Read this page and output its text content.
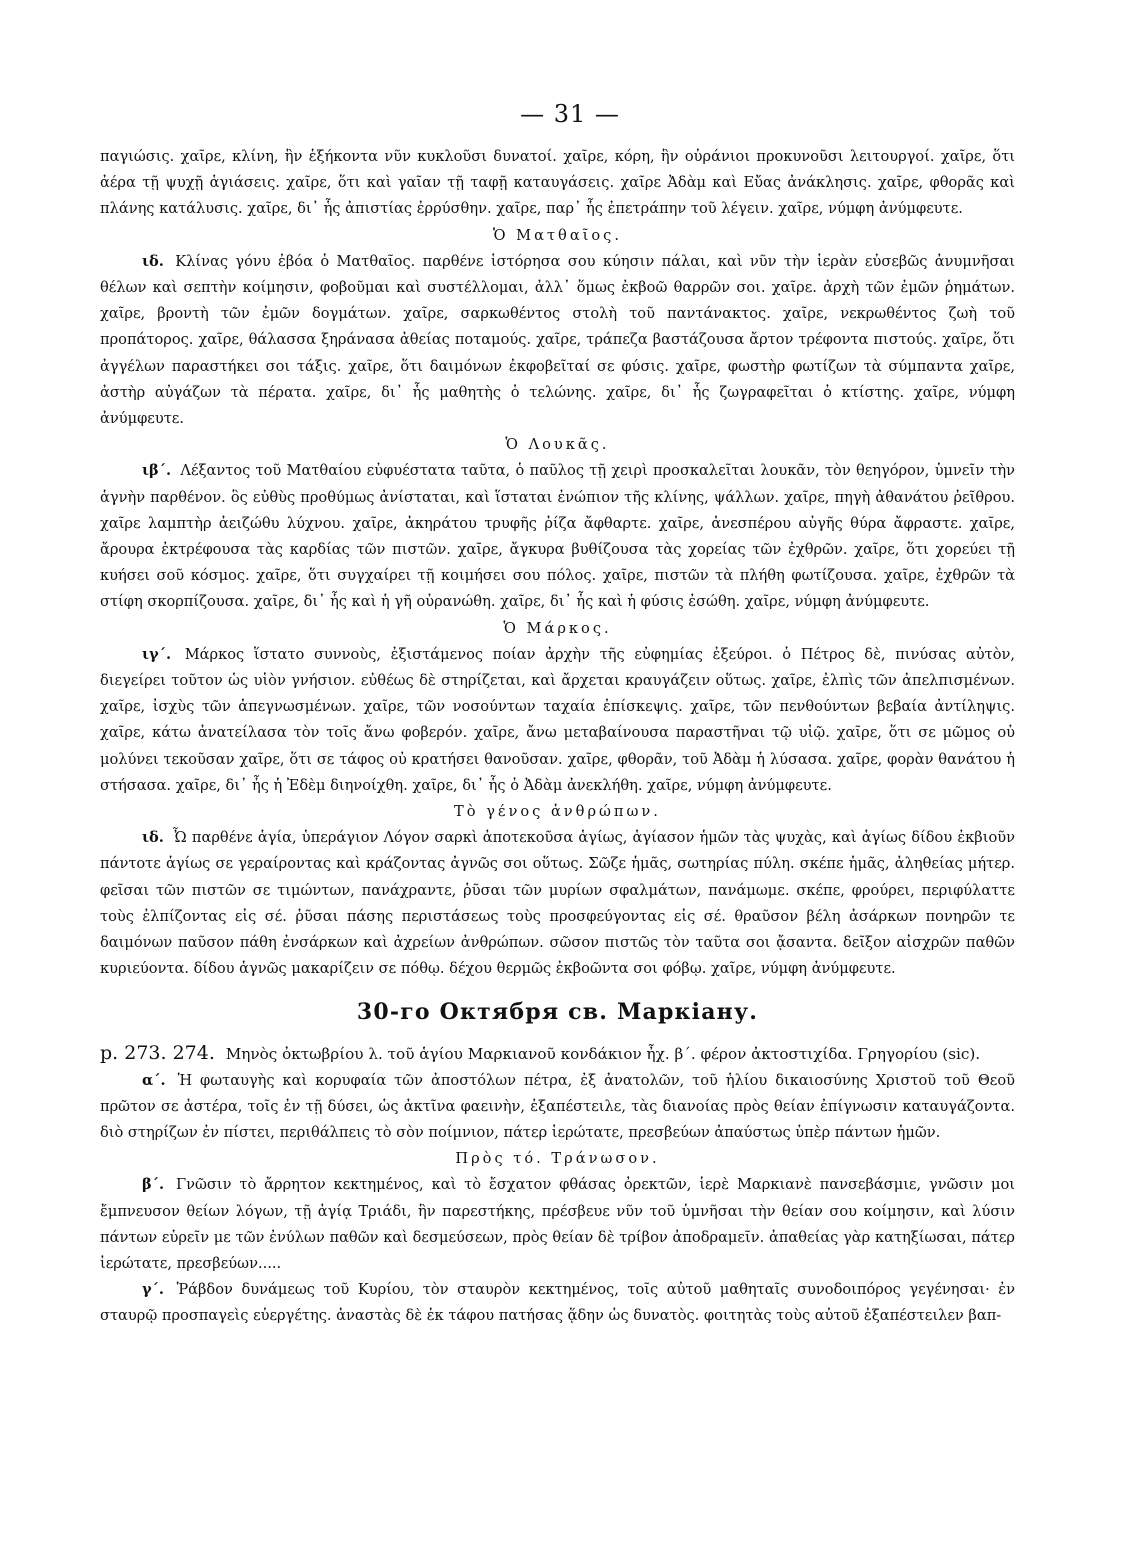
— 31 —

παγιώσις. χαῖρε, κλίνη, ἣν ἑξήκοντα νῦν κυκλοῦσι δυνατοί. χαῖρε, κόρη, ἣν οὐράνιοι προκυνοῦσι λειτουργοί. χαῖρε, ὅτι ἀέρα τῇ ψυχῇ ἁγιάσεις. χαῖρε, ὅτι καὶ γαῖαν τῇ ταφῇ καταυγάσεις. χαῖρε Ἀδὰμ καὶ Εὔας ἀνάκλησις. χαῖρε, φθορᾶς καὶ πλάνης κατάλυσις. χαῖρε, δι᾽ ἧς ἀπιστίας ἐρρύσθην. χαῖρε, παρ᾽ ἧς ἐπετράπην τοῦ λέγειν. χαῖρε, νύμφη ἀνύμφευτε.

Ὁ Ματθαῖος.

ιδ. Κλίνας γόνυ ἐβόα ὁ Ματθαῖος. παρθένε ἱστόρησα σου κύησιν πάλαι, καὶ νῦν τὴν ἱερὰν εὐσεβῶς ἀνυμνῆσαι θέλων καὶ σεπτὴν κοίμησιν, φοβοῦμαι καὶ συστέλλομαι, ἀλλ᾽ ὅμως ἐκβοῶ θαρρῶν σοι. χαῖρε. ἀρχὴ τῶν ἐμῶν ῥημάτων. χαῖρε, βροντὴ τῶν ἐμῶν δογμάτων. χαῖρε, σαρκωθέντος στολὴ τοῦ παντάνακτος. χαῖρε, νεκρωθέντος ζωὴ τοῦ προπάτορος. χαῖρε, θάλασσα ξηράνασα ἀθείας ποταμούς. χαῖρε, τράπεζα βαστάζουσα ἄρτον τρέφοντα πιστούς. χαῖρε, ὅτι ἀγγέλων παραστήκει σοι τάξις. χαῖρε, ὅτι δαιμόνων ἐκφοβεῖταί σε φύσις. χαῖρε, φωστὴρ φωτίζων τὰ σύμπαντα χαῖρε, ἀστὴρ αὐγάζων τὰ πέρατα. χαῖρε, δι᾽ ἧς μαθητὴς ὁ τελώνης. χαῖρε, δι᾽ ἧς ζωγραφεῖται ὁ κτίστης. χαῖρε, νύμφη ἀνύμφευτε.

Ὁ Λουκᾶς.

ιβ΄. Λέξαντος τοῦ Ματθαίου εὐφυέστατα ταῦτα, ὁ παῦλος τῇ χειρὶ προσκαλεῖται λουκᾶν, τὸν θεηγόρον, ὑμνεῖν τὴν ἁγνὴν παρθένον. ὃς εὐθὺς προθύμως ἀνίσταται, καὶ ἵσταται ἐνώπιον τῆς κλίνης, ψάλλων. χαῖρε, πηγὴ ἀθανάτου ῥεῖθρου. χαῖρε λαμπτὴρ ἀειζώθυ λύχνου. χαῖρε, ἀκηράτου τρυφῆς ῥίζα ἄφθαρτε. χαῖρε, ἀνεσπέρου αὐγῆς θύρα ἄφραστε. χαῖρε, ἄρουρα ἐκτρέφουσα τὰς καρδίας τῶν πιστῶν. χαῖρε, ἄγκυρα βυθίζουσα τὰς χορείας τῶν ἐχθρῶν. χαῖρε, ὅτι χορεύει τῇ κυήσει σοῦ κόσμος. χαῖρε, ὅτι συγχαίρει τῇ κοιμήσει σου πόλος. χαῖρε, πιστῶν τὰ πλήθη φωτίζουσα. χαῖρε, ἐχθρῶν τὰ στίφη σκορπίζουσα. χαῖρε, δι᾽ ἧς καὶ ἡ γῆ οὐρανώθη. χαῖρε, δι᾽ ἧς καὶ ἡ φύσις ἐσώθη. χαῖρε, νύμφη ἀνύμφευτε.

Ὁ Μάρκος.

ιγ΄. Μάρκος ἵστατο συννοὺς, ἐξιστάμενος ποίαν ἀρχὴν τῆς εὐφημίας ἐξεύροι. ὁ Πέτρος δὲ, πινύσας αὐτὸν, διεγείρει τοῦτον ὡς υἱὸν γνήσιον. εὐθέως δὲ στηρίζεται, καὶ ἄρχεται κραυγάζειν οὕτως. χαῖρε, ἐλπὶς τῶν ἀπελπισμένων. χαῖρε, ἰσχὺς τῶν ἀπεγνωσμένων. χαῖρε, τῶν νοσούντων ταχαία ἐπίσκεψις. χαῖρε, τῶν πενθούντων βεβαία ἀντίληψις. χαῖρε, κάτω ἀνατείλασα τὸν τοῖς ἄνω φοβερόν. χαῖρε, ἄνω μεταβαίνουσα παραστῆναι τῷ υἱῷ. χαῖρε, ὅτι σε μῶμος οὐ μολύνει τεκοῦσαν χαῖρε, ὅτι σε τάφος οὐ κρατήσει θανοῦσαν. χαῖρε, φθορᾶν, τοῦ Ἀδὰμ ἡ λύσασα. χαῖρε, φορὰν θανάτου ἡ στήσασα. χαῖρε, δι᾽ ἧς ἡ Ἐδὲμ διηνοίχθη. χαῖρε, δι᾽ ἧς ὁ Ἀδὰμ ἀνεκλήθη. χαῖρε, νύμφη ἀνύμφευτε.

Τὸ γένος ἀνθρώπων.

ιδ. Ὦ παρθένε ἁγία, ὑπεράγιον Λόγον σαρκὶ ἀποτεκοῦσα ἁγίως, ἁγίασον ἡμῶν τὰς ψυχὰς, καὶ ἁγίως δίδου ἐκβιοῦν πάντοτε ἁγίως σε γεραίροντας καὶ κράζοντας ἀγνῶς σοι οὕτως. Σῶζε ἡμᾶς, σωτηρίας πύλη. σκέπε ἡμᾶς, ἀληθείας μήτερ. φεῖσαι τῶν πιστῶν σε τιμώντων, πανάχραντε, ῥῦσαι τῶν μυρίων σφαλμάτων, πανάμωμε. σκέπε, φρούρει, περιφύλαττε τοὺς ἐλπίζοντας εἰς σέ. ῥῦσαι πάσης περιστάσεως τοὺς προσφεύγοντας εἰς σέ. θραῦσον βέλη ἀσάρκων πονηρῶν τε δαιμόνων παῦσον πάθη ἐνσάρκων καὶ ἀχρείων ἀνθρώπων. σῶσον πιστῶς τὸν ταῦτα σοι ᾄσαντα. δεῖξον αἰσχρῶν παθῶν κυριεύοντα. δίδου ἁγνῶς μακαρίζειν σε πόθῳ. δέχου θερμῶς ἐκβοῶντα σοι φόβῳ. χαῖρε, νύμφη ἀνύμφευτε.

30-го Октября св. Маркіану.

p. 273. 274. Μηνὸς ὀκτωβρίου λ. τοῦ ἁγίου Μαρκιανοῦ κονδάκιον ἦχ. β΄. φέρον ἀκτοστιχίδα. Γρηγορίου (sic).

α΄. Ἡ φωταυγὴς καὶ κορυφαία τῶν ἀποστόλων πέτρα, ἐξ ἀνατολῶν, τοῦ ἡλίου δικαιοσύνης Χριστοῦ τοῦ Θεοῦ πρῶτον σε ἀστέρα, τοῖς ἐν τῇ δύσει, ὡς ἀκτῖνα φαεινὴν, ἐξαπέστειλε, τὰς διανοίας πρὸς θείαν ἐπίγνωσιν καταυγάζοντα. διὸ στηρίζων ἐν πίστει, περιθάλπεις τὸ σὸν ποίμνιον, πάτερ ἱερώτατε, πρεσβεύων ἀπαύστως ὑπὲρ πάντων ἡμῶν.

Πρὸς τό. Τράνωσον.

β΄. Γνῶσιν τὸ ἄρρητον κεκτημένος, καὶ τὸ ἔσχατον φθάσας ὀρεκτῶν, ἱερὲ Μαρκιανὲ πανσεβάσμιε, γνῶσιν μοι ἔμπνευσον θείων λόγων, τῇ ἁγίᾳ Τριάδι, ἣν παρεστήκης, πρέσβευε νῦν τοῦ ὑμνῆσαι τὴν θείαν σου κοίμησιν, καὶ λύσιν πάντων εὑρεῖν με τῶν ἐνύλων παθῶν καὶ δεσμεύσεων, πρὸς θείαν δὲ τρίβον ἀποδραμεῖν. ἀπαθείας γὰρ κατηξίωσαι, πάτερ ἱερώτατε, πρεσβεύων.....

γ΄. Ῥάβδον δυνάμεως τοῦ Κυρίου, τὸν σταυρὸν κεκτημένος, τοῖς αὐτοῦ μαθηταῖς συνοδοιπόρος γεγένησαι· ἐν σταυρῷ προσπαγεὶς εὐεργέτης. ἀναστὰς δὲ ἐκ τάφου πατήσας ᾅδην ὡς δυνατὸς. φοιτητὰς τοὺς αὐτοῦ ἐξαπέστειλεν βαπ-
